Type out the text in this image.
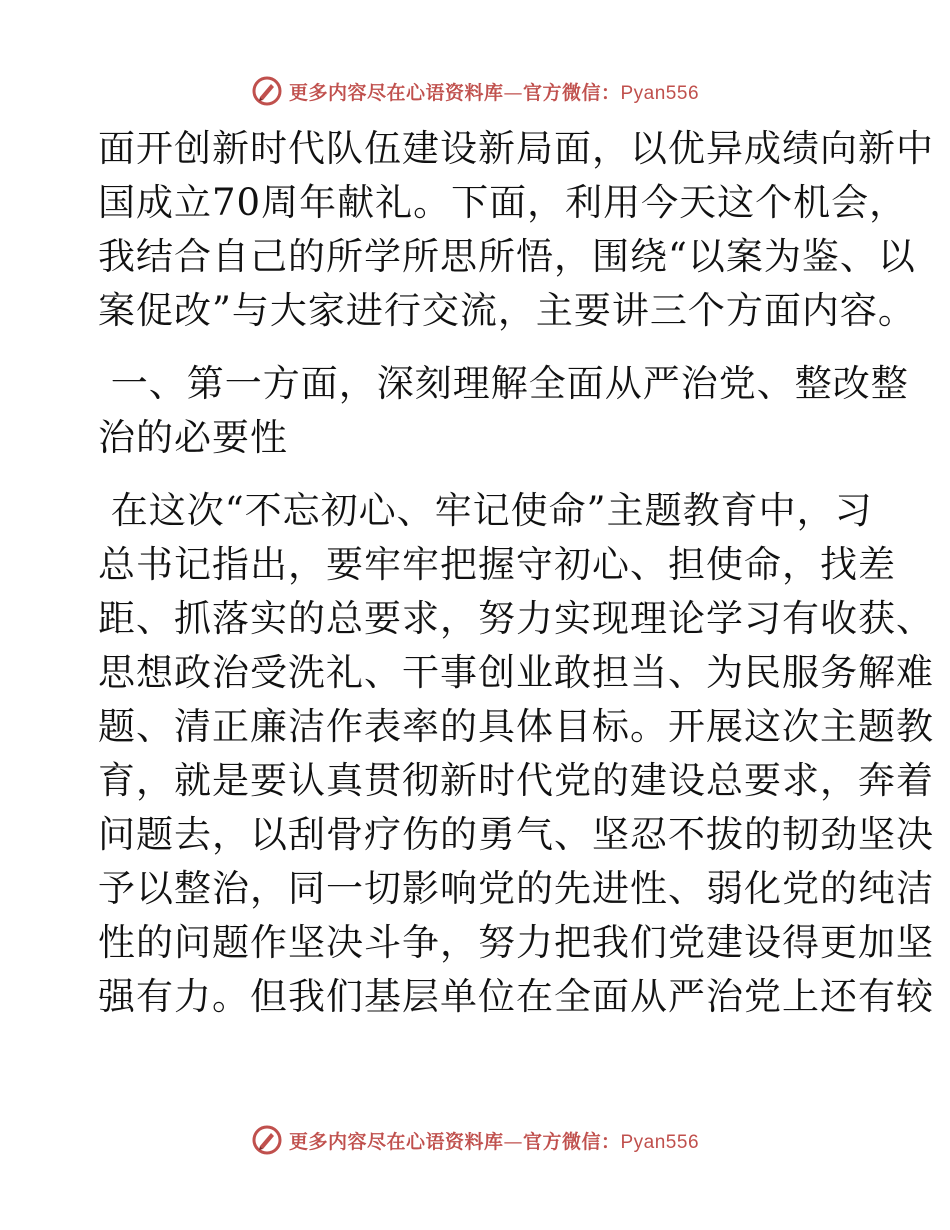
更多内容尽在心语资料库—官方微信：Pyan556
面开创新时代队伍建设新局面，以优异成绩向新中
国成立70周年献礼。下面，利用今天这个机会，
我结合自己的所学所思所悟，围绕“以案为鉴、以
案促改”与大家进行交流，主要讲三个方面内容。
一、第一方面，深刻理解全面从严治党、整改整
治的必要性
在这次“不忘初心、牢记使命”主题教育中，习
总书记指出，要牢牢把握守初心、担使命，找差
距、抓落实的总要求，努力实现理论学习有收获、
思想政治受洗礼、干事创业敢担当、为民服务解难
题、清正廉洁作表率的具体目标。开展这次主题教
育，就是要认真贯彻新时代党的建设总要求，奔着
问题去，以刮骨疗伤的勇气、坚忍不拔的韧劲坚决
予以整治，同一切影响党的先进性、弱化党的纯洁
性的问题作坚决斗争，努力把我们党建设得更加坚
强有力。但我们基层单位在全面从严治党上还有较
更多内容尽在心语资料库—官方微信：Pyan556
